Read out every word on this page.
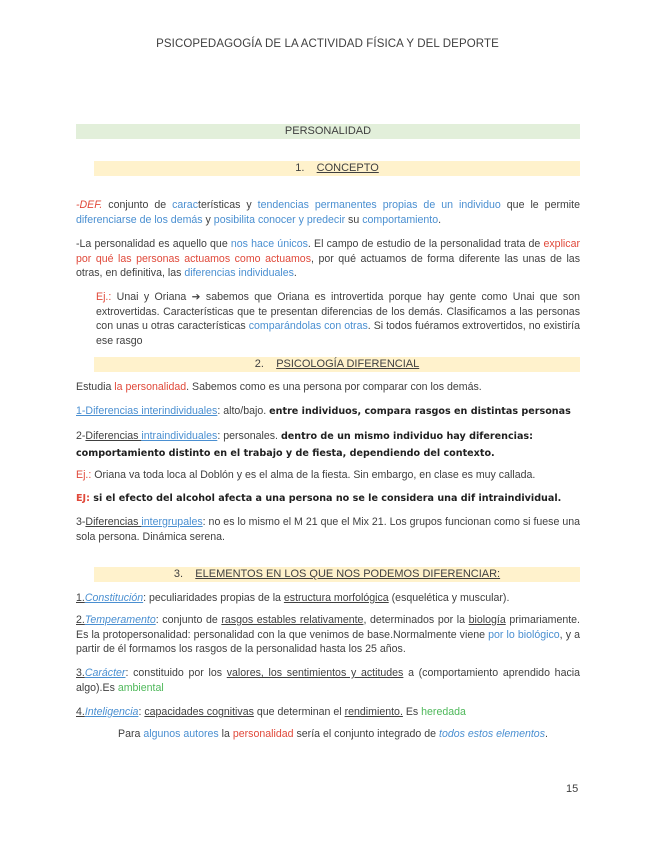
PSICOPEDAGOGÍA DE LA ACTIVIDAD FÍSICA Y DEL DEPORTE
PERSONALIDAD
1. CONCEPTO
-DEF. conjunto de características y tendencias permanentes propias de un individuo que le permite diferenciarse de los demás y posibilita conocer y predecir su comportamiento.
-La personalidad es aquello que nos hace únicos. El campo de estudio de la personalidad trata de explicar por qué las personas actuamos como actuamos, por qué actuamos de forma diferente las unas de las otras, en definitiva, las diferencias individuales.
Ej.: Unai y Oriana ➔ sabemos que Oriana es introvertida porque hay gente como Unai que son extrovertidas. Características que te presentan diferencias de los demás. Clasificamos a las personas con unas u otras características comparándolas con otras. Si todos fuéramos extrovertidos, no existiría ese rasgo
2. PSICOLOGÍA DIFERENCIAL
Estudia la personalidad. Sabemos como es una persona por comparar con los demás.
1-Diferencias interindividuales: alto/bajo. entre individuos, compara rasgos en distintas personas
2-Diferencias intraindividuales: personales. dentro de un mismo individuo hay diferencias: comportamiento distinto en el trabajo y de fiesta, dependiendo del contexto.
Ej.: Oriana va toda loca al Doblón y es el alma de la fiesta. Sin embargo, en clase es muy callada.
EJ: si el efecto del alcohol afecta a una persona no se le considera una dif intraindividual.
3-Diferencias intergrupales: no es lo mismo el M 21 que el Mix 21. Los grupos funcionan como si fuese una sola persona. Dinámica serena.
3. ELEMENTOS EN LOS QUE NOS PODEMOS DIFERENCIAR:
1.Constitución: peculiaridades propias de la estructura morfológica (esquelética y muscular).
2.Temperamento: conjunto de rasgos estables relativamente, determinados por la biología primariamente. Es la protopersonalidad: personalidad con la que venimos de base.Normalmente viene por lo biológico, y a partir de él formamos los rasgos de la personalidad hasta los 25 años.
3.Carácter: constituido por los valores, los sentimientos y actitudes a (comportamiento aprendido hacia algo).Es ambiental
4.Inteligencia: capacidades cognitivas que determinan el rendimiento. Es heredada
Para algunos autores la personalidad sería el conjunto integrado de todos estos elementos.
15
